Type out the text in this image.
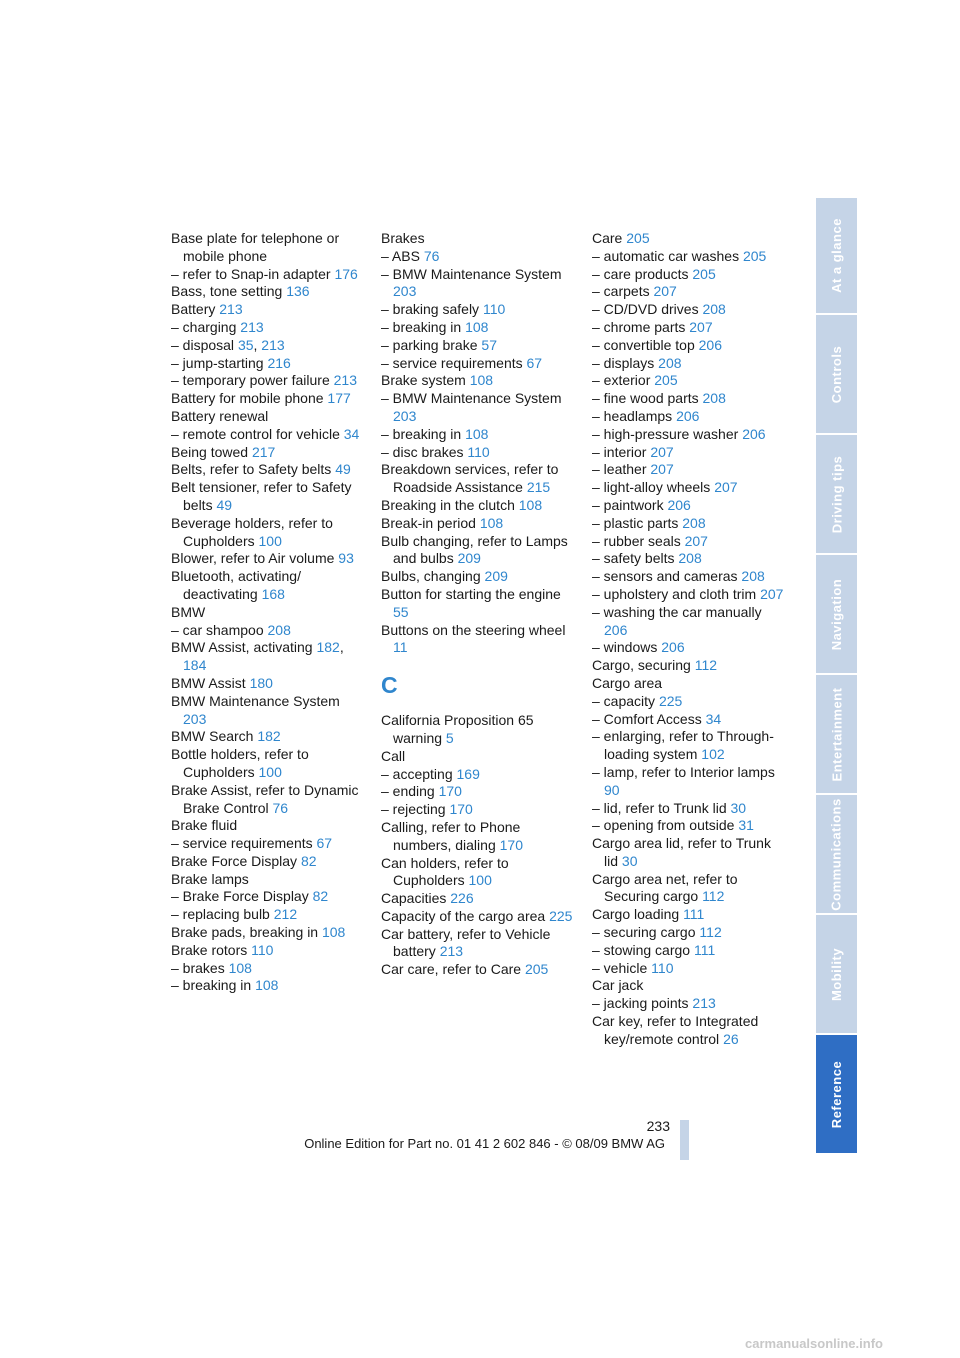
Base plate for telephone or mobile phone

– refer to Snap-in adapter 176

Bass, tone setting 136

Battery 213

– charging 213

– disposal 35, 213

– jump-starting 216

– temporary power failure 213

Battery for mobile phone 177

Battery renewal

– remote control for vehicle 34

Being towed 217

Belts, refer to Safety belts 49

Belt tensioner, refer to Safety belts 49

Beverage holders, refer to Cupholders 100

Blower, refer to Air volume 93

Bluetooth, activating/ deactivating 168

BMW

– car shampoo 208

BMW Assist, activating 182, 184

BMW Assist 180

BMW Maintenance System 203

BMW Search 182

Bottle holders, refer to Cupholders 100

Brake Assist, refer to Dynamic Brake Control 76

Brake fluid

– service requirements 67

Brake Force Display 82

Brake lamps

– Brake Force Display 82

– replacing bulb 212

Brake pads, breaking in 108

Brake rotors 110

– brakes 108

– breaking in 108

Brakes

– ABS 76

– BMW Maintenance System 203

– braking safely 110

– breaking in 108

– parking brake 57

– service requirements 67

Brake system 108

– BMW Maintenance System 203

– breaking in 108

– disc brakes 110

Breakdown services, refer to Roadside Assistance 215

Breaking in the clutch 108

Break-in period 108

Bulb changing, refer to Lamps and bulbs 209

Bulbs, changing 209

Button for starting the engine 55

Buttons on the steering wheel 11

C

California Proposition 65 warning 5

Call

– accepting 169

– ending 170

– rejecting 170

Calling, refer to Phone numbers, dialing 170

Can holders, refer to Cupholders 100

Capacities 226

Capacity of the cargo area 225

Car battery, refer to Vehicle battery 213

Car care, refer to Care 205

Care 205

– automatic car washes 205

– care products 205

– carpets 207

– CD/DVD drives 208

– chrome parts 207

– convertible top 206

– displays 208

– exterior 205

– fine wood parts 208

– headlamps 206

– high-pressure washer 206

– interior 207

– leather 207

– light-alloy wheels 207

– paintwork 206

– plastic parts 208

– rubber seals 207

– safety belts 208

– sensors and cameras 208

– upholstery and cloth trim 207

– washing the car manually 206

– windows 206

Cargo, securing 112

Cargo area

– capacity 225

– Comfort Access 34

– enlarging, refer to Through-loading system 102

– lamp, refer to Interior lamps 90

– lid, refer to Trunk lid 30

– opening from outside 31

Cargo area lid, refer to Trunk lid 30

Cargo area net, refer to Securing cargo 112

Cargo loading 111

– securing cargo 112

– stowing cargo 111

– vehicle 110

Car jack

– jacking points 213

Car key, refer to Integrated key/remote control 26

At a glance
Controls
Driving tips
Navigation
Entertainment
Communications
Mobility
Reference
233
Online Edition for Part no. 01 41 2 602 846 - © 08/09 BMW AG
carmanualsonline.info
